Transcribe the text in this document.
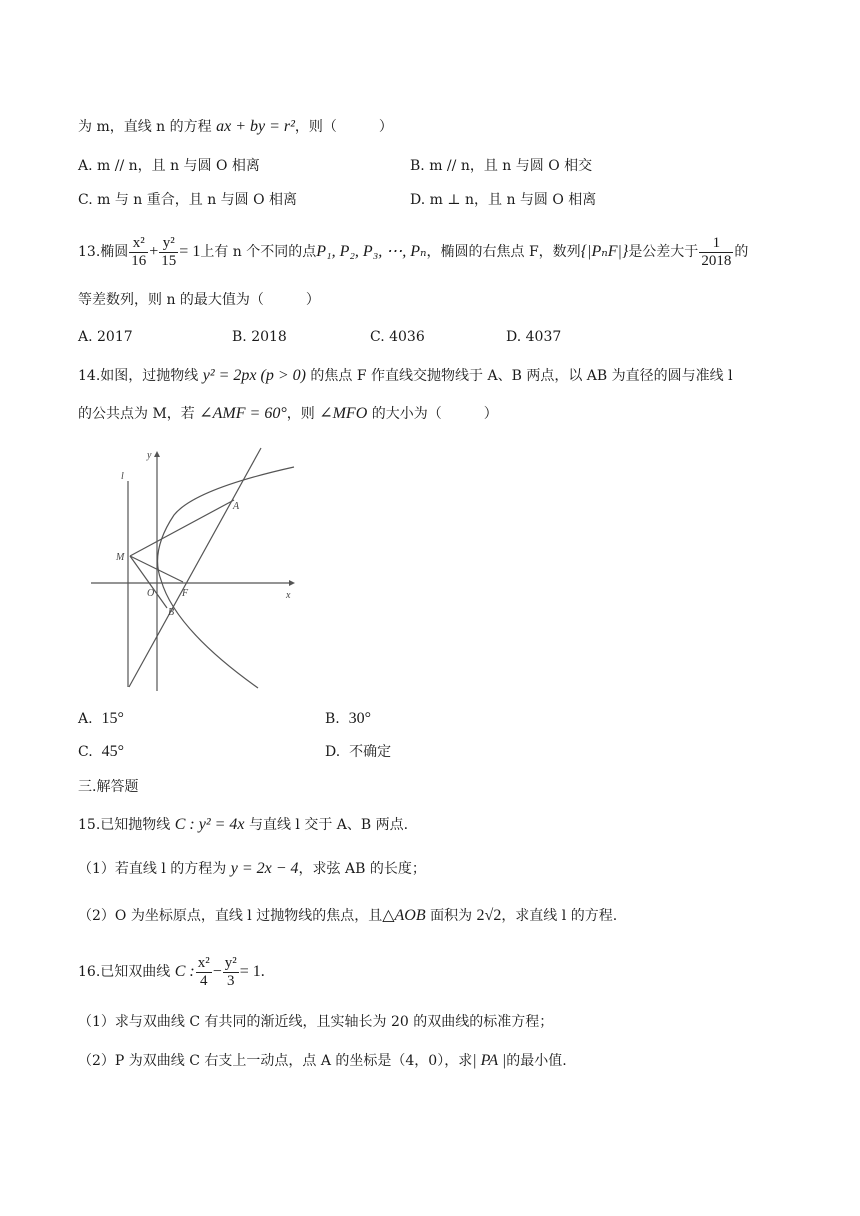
为 m，直线 n 的方程 ax + by = r²，则（	）
A. m // n，且 n 与圆 O 相离	B. m // n，且 n 与圆 O 相交
C. m 与 n 重合，且 n 与圆 O 相离	D. m ⊥ n，且 n 与圆 O 相离
13.椭圆 $\frac{\text{x²}}{16} + \frac{\text{y²}}{15} = 1$上有 n 个不同的点P₁, P₂, P₃, ⋯, Pₙ，椭圆的右焦点 F，数列{|PₙF|}是公差大于 $\frac{1}{2018}$ 的
等差数列，则 n 的最大值为（	）
A. 2017	B. 2018	C. 4036	D. 4037
14.如图，过抛物线 y² = 2px (p > 0) 的焦点 F 作直线交抛物线于 A、B 两点，以 AB 为直径的圆与准线 l
的公共点为 M，若 ∠AMF = 60°，则 ∠MFO 的大小为（	）
l
y
x
A
B
M
O	F
A. 15°	B. 30°
C. 45°	D. 不确定
三.解答题
15.已知抛物线 C : y² = 4x 与直线 l 交于 A、B 两点.
（1）若直线 l 的方程为 y = 2x − 4，求弦 AB 的长度；
（2）O 为坐标原点，直线 l 过抛物线的焦点，且△AOB 面积为 2√2，求直线 l 的方程.
16.已知双曲线 C : $\frac{\text{x²}}{4} - \frac{\text{y²}}{3} = 1$.
（1）求与双曲线 C 有共同的渐近线，且实轴长为 20 的双曲线的标准方程；
（2）P 为双曲线 C 右支上一动点，点 A 的坐标是（4，0），求| PA |的最小值.
